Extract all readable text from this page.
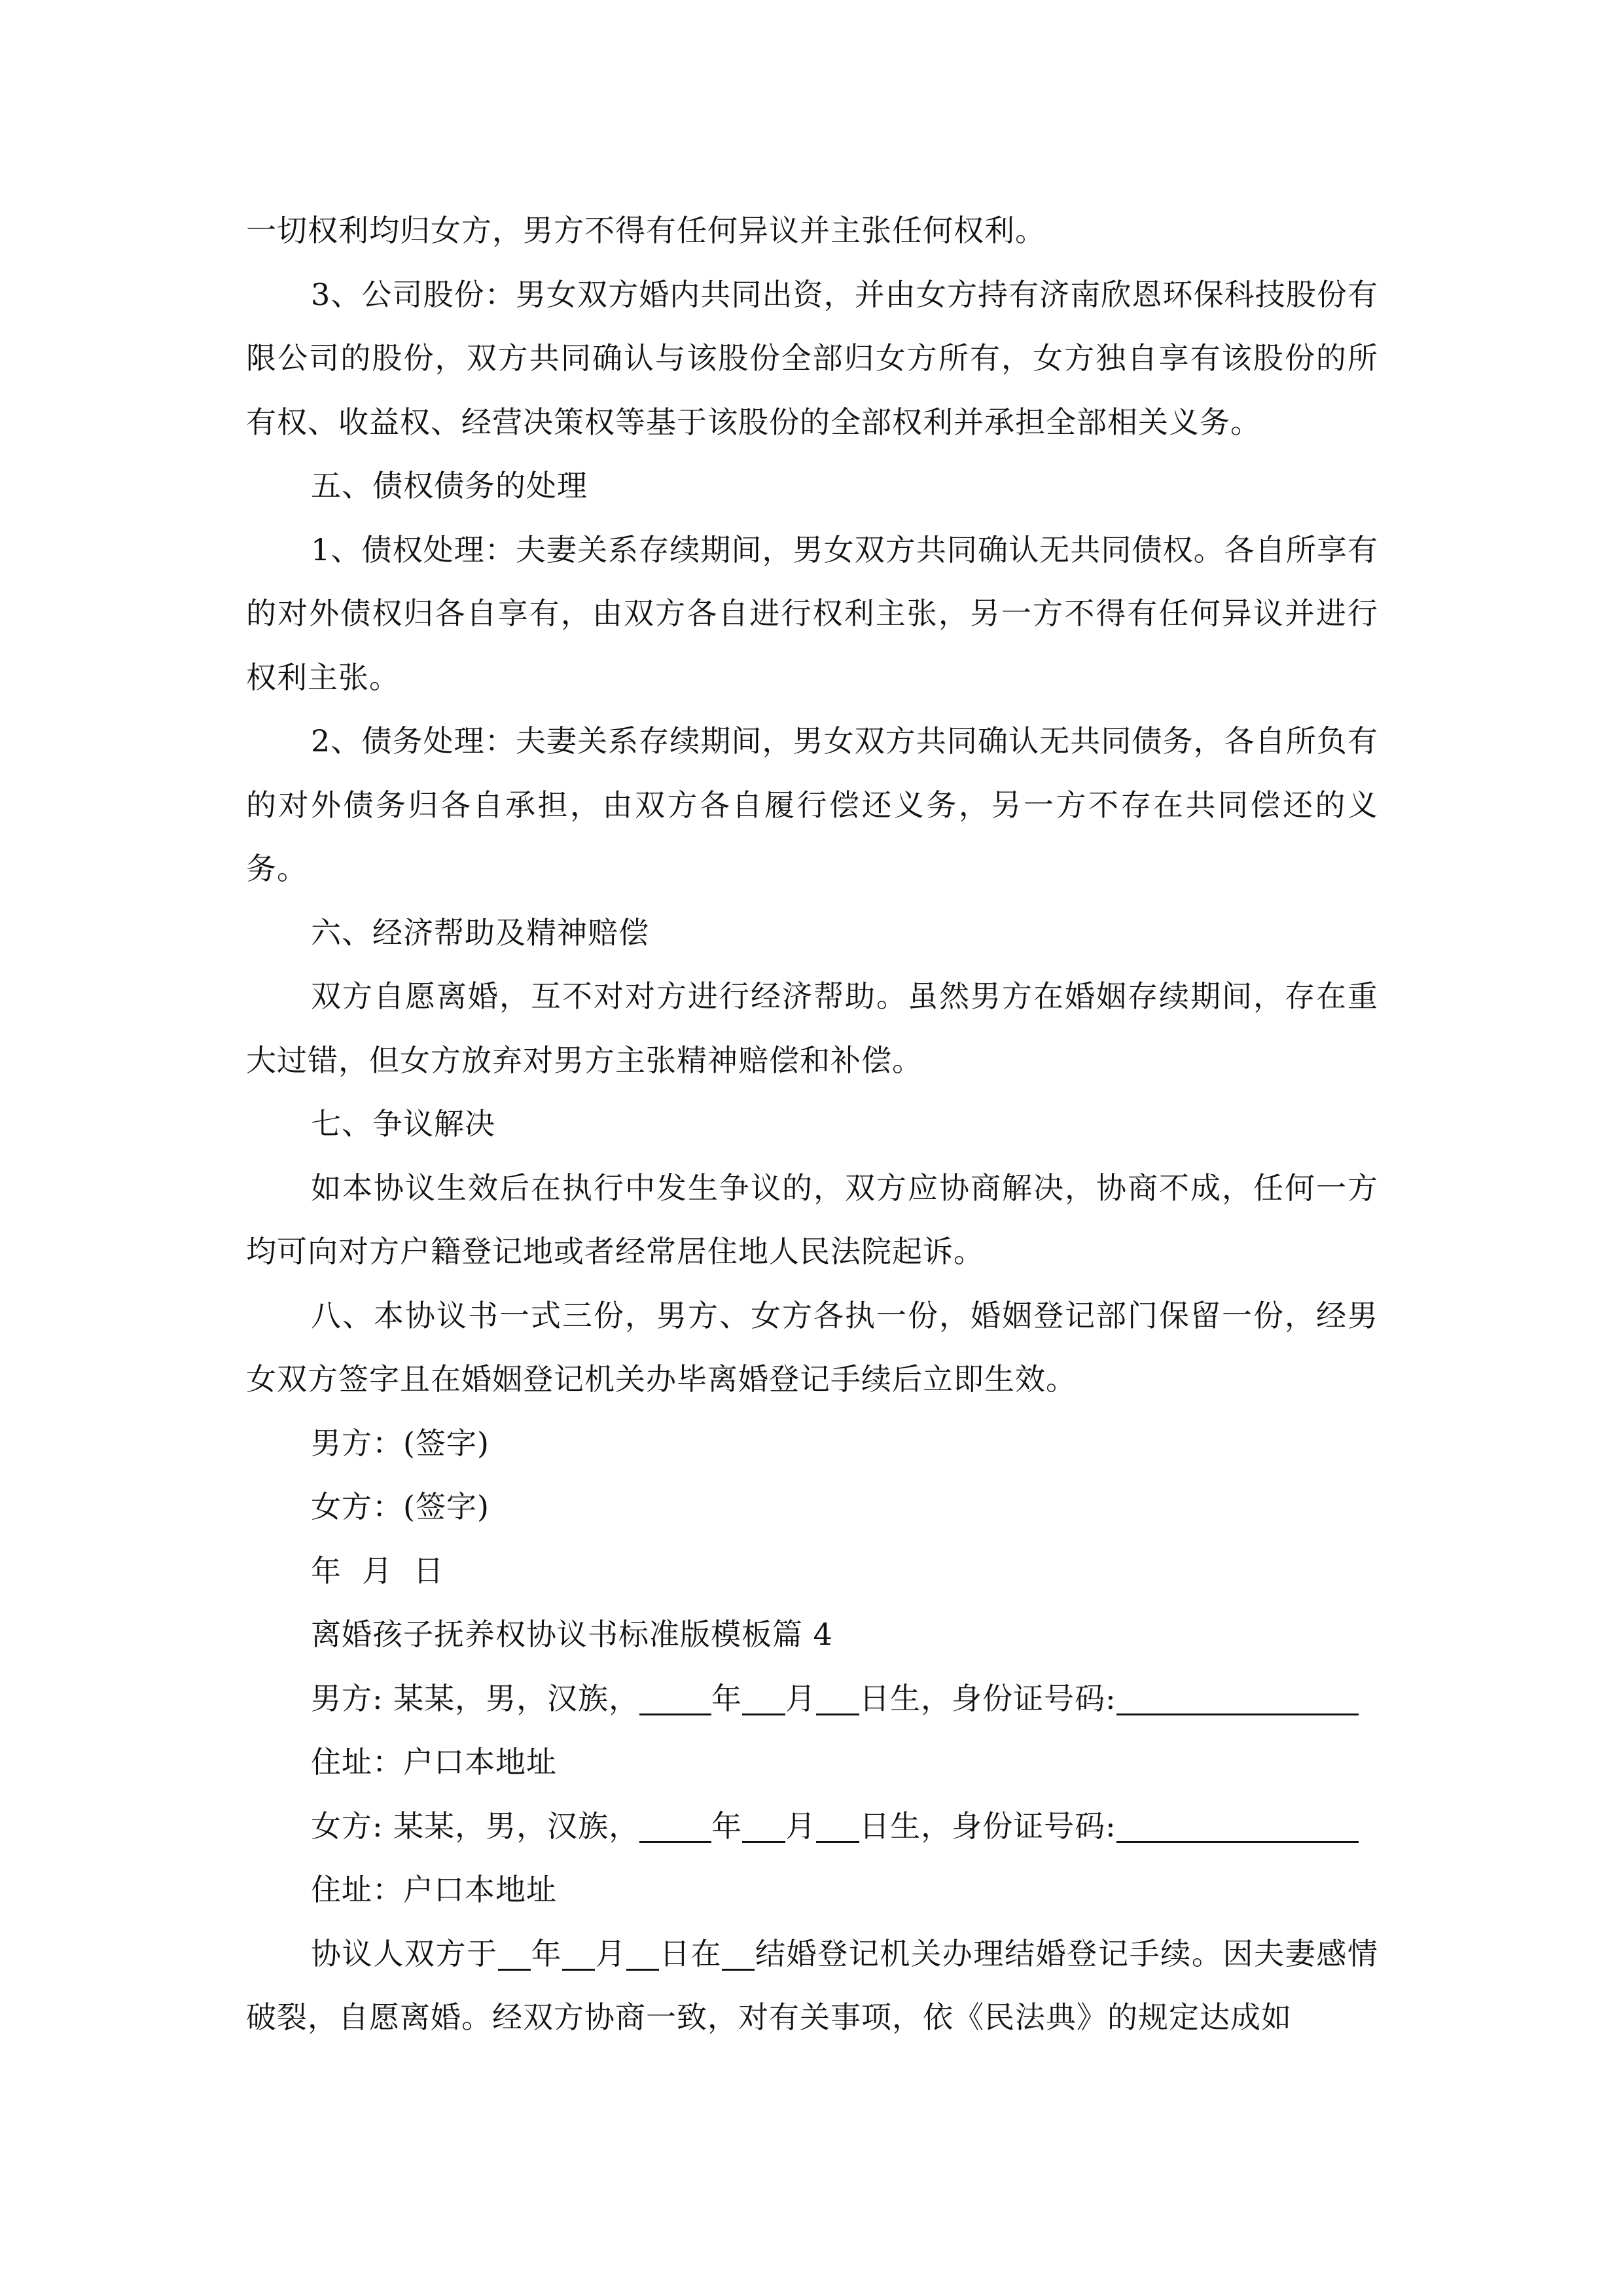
一切权利均归女方，男方不得有任何异议并主张任何权利。

3、公司股份：男女双方婚内共同出资，并由女方持有济南欣恩环保科技股份有限公司的股份，双方共同确认与该股份全部归女方所有，女方独自享有该股份的所有权、收益权、经营决策权等基于该股份的全部权利并承担全部相关义务。

五、债权债务的处理

1、债权处理：夫妻关系存续期间，男女双方共同确认无共同债权。各自所享有的对外债权归各自享有，由双方各自进行权利主张，另一方不得有任何异议并进行权利主张。

2、债务处理：夫妻关系存续期间，男女双方共同确认无共同债务，各自所负有的对外债务归各自承担，由双方各自履行偿还义务，另一方不存在共同偿还的义务。

六、经济帮助及精神赔偿

双方自愿离婚，互不对对方进行经济帮助。虽然男方在婚姻存续期间，存在重大过错，但女方放弃对男方主张精神赔偿和补偿。

七、争议解决

如本协议生效后在执行中发生争议的，双方应协商解决，协商不成，任何一方均可向对方户籍登记地或者经常居住地人民法院起诉。

八、本协议书一式三份，男方、女方各执一份，婚姻登记部门保留一份，经男女双方签字且在婚姻登记机关办毕离婚登记手续后立即生效。

男方：(签字)

女方：(签字)

年  月  日

离婚孩子抚养权协议书标准版模板篇 4

男方: 某某，男，汉族， 年 月 日生，身份证号码:

住址：户口本地址

女方: 某某，男，汉族， 年 月 日生，身份证号码:

住址：户口本地址

协议人双方于 年 月 日在 结婚登记机关办理结婚登记手续。因夫妻感情破裂，自愿离婚。经双方协商一致，对有关事项，依《民法典》的规定达成如
